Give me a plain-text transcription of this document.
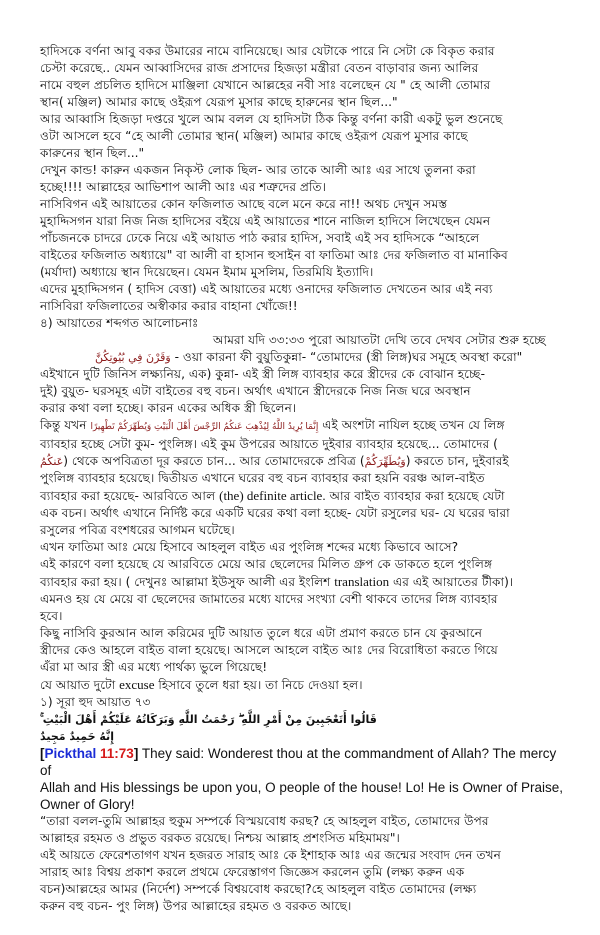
হাদিসকে বর্ণনা আবু বকর উমারের নামে বানিয়েছে। আর যেটাকে পারে নি সেটা কে বিকৃত করার
চেস্টা করেছে.. যেমন আব্বাসিদের রাজ প্রসাদের হিজড়া মন্ত্রীরা বেতন বাড়াবার জন্য আলির
নামে বহুল প্রচলিত হাদিসে মাঞ্জিলা যেখানে আল্লহের নবী সাঃ বলেছেন যে " হে আলী তোমার
স্থান( মঞ্জিল) আমার কাছে ওইরূপ যেরূপ মুসার কাছে হারুনের স্থান ছিল..."
আর আব্বাসি হিজড়া দপ্তরে খুলে আম বলল যে হাদিসটা ঠিক কিন্তু বর্ণনা কারী একটু ভুল শুনেছে
ওটা আসলে হবে “হে আলী তোমার স্থান( মঞ্জিল) আমার কাছে ওইরূপ যেরূপ মুসার কাছে
কারুনের স্থান ছিল..."
দেখুন কান্ড! কারুন একজন নিকৃস্ট লোক ছিল- আর তাকে আলী আঃ এর সাথে তুলনা করা
হচ্ছে!!!! আল্লাহের আভিশাপ আলী আঃ এর শত্রুদের প্রতি।
নাসিবিগন এই আয়াতের কোন ফজিলাত আছে বলে মনে করে না!! অথচ দেখুন সমস্ত
মুহাদ্দিসগন যারা নিজ নিজ হাদিসের বইয়ে এই আয়াতের শানে নাজিল হাদিসে লিখেছেন যেমন
পাঁচজনকে চাদরে ঢেকে নিয়ে এই আয়াত পাঠ করার হাদিস, সবাই এই সব হাদিসকে “আহলে
বাইতের ফজিলাত অধ্যায়ে" বা আলী বা হাসান হুসাইন বা ফাতিমা আঃ দের ফজিলাত বা মানাকিব
(মর্যাদা) অধ্যায়ে স্থান দিয়েছেন। যেমন ইমাম মুসলিম, তিরমিযি ইত্যাদি।
এদের মুহাদ্দিসগন ( হাদিস বেত্তা) এই আয়াতের মধ্যে ওনাদের ফজিলাত দেখতেন আর এই নব্য
নাসিবিরা ফজিলাতের অস্বীকার করার বাহানা খোঁজে!!
৪) আয়াতের শব্দগত আলোচনাঃ
আমরা যদি ৩৩:৩৩ পুরো আয়াতটা দেখি তবে দেখব সেটার শুরু হচ্ছে
وَقَرْنَ فِي بُيُوتِكُنَّ - ওয়া কারনা ফী বুয়ুতিকুন্না- “তোমাদের (স্ত্রী লিঙ্গ)ঘর সমূহে অবস্থা করো"
এইখানে দুটি জিনিস লক্ষ্যনিয়, এক) কুন্না- এই স্ত্রী লিঙ্গ ব্যাবহার করে স্ত্রীদের কে বোঝান হচ্ছে-
দুই) বুয়ুত- ঘরসমূহ এটা বাইতের বহু বচন। অর্থাৎ এখানে স্ত্রীদেরকে নিজ নিজ ঘরে অবস্থান
করার কথা বলা হচ্ছে। কারন একের অধিক স্ত্রী ছিলেন।
কিন্তু যখন إِنَّمَا يُرِيدُ اللَّهُ لِيُذْهِبَ عَنكُمُ الرِّجْسَ أَهْلَ الْبَيْتِ وَيُطَهِّرَكُمْ تَطْهِيرًا এই অংশটা নাযিল হচ্ছে তখন যে লিঙ্গ
ব্যাবহার হচ্ছে সেটা কুম- পুংলিঙ্গ। এই কুম উপরের আয়াতে দুইবার ব্যাবহার হয়েছে... তোমাদের (
عَنكُمُ) থেকে অপবিত্রতা দূর করতে চান... আর তোমাদেরকে প্রবিত্র (وَيُطَهِّرَكُمْ) করতে চান, দুইবারই
পুংলিঙ্গ ব্যাবহার হয়েছে। দ্বিতীয়ত এখানে ঘরের বহু বচন ব্যাবহার করা হয়নি বরঞ্চ আল-বাইত
ব্যাবহার করা হয়েছে- আরবিতে আল (the) definite article. আর বাইত ব্যাবহার করা হয়েছে যেটা
এক বচন। অর্থাৎ এখানে নির্দিষ্ট করে একটি ঘরের কথা বলা হচ্ছে- যেটা রসুলের ঘর- যে ঘরের দ্বারা
রসুলের পবিত্র বংশধরের আগমন ঘটেছে।
এখন ফাতিমা আঃ মেয়ে হিসাবে আহলুল বাইত এর পুংলিঙ্গ শব্দের মধ্যে কিভাবে আসে?
এই কারণে বলা হয়েছে যে আরবিতে মেয়ে আর ছেলেদের মিলিত গ্রুপ কে ডাকতে হলে পুংলিঙ্গ
ব্যাবহার করা হয়। ( দেখুনঃ আল্লামা ইউসুফ আলী এর ইংলিশ translation এর এই আয়াতের টীকা)।
এমনও হয় যে মেয়ে বা ছেলেদের জামাতের মধ্যে যাদের সংখ্যা বেশী থাকবে তাদের লিঙ্গ ব্যাবহার
হবে।
কিছু নাসিবি কুরআন আল করিমের দুটি আয়াত তুলে ধরে এটা প্রমাণ করতে চান যে কুরআনে
স্ত্রীদের কেও আহলে বাইত বালা হয়েছে। আসলে আহলে বাইত আঃ দের বিরোধিতা করতে গিয়ে
এঁরা মা আর স্ত্রী এর মধ্যে পার্থক্য ভুলে গিয়েছে!
যে আয়াত দুটো excuse হিসাবে তুলে ধরা হয়। তা নিচে দেওয়া হল।
১) সূরা হুদ আয়াত ৭৩
قَالُوا أَتَعْجَبِينَ مِنْ أَمْرِ اللَّهِ ۖ رَحْمَتُ اللَّهِ وَبَرَكَاتُهُ عَلَيْكُمْ أَهْلَ الْبَيْتِ ۚ إِنَّهُ حَمِيدٌ مَجِيدٌ
[Pickthal 11:73] They said: Wonderest thou at the commandment of Allah? The mercy of
Allah and His blessings be upon you, O people of the house! Lo! He is Owner of Praise,
Owner of Glory!
“তারা বলল-তুমি আল্লাহর হুকুম সম্পর্কে বিস্ময়বোধ করছ? হে আহলুল বাইত, তোমাদের উপর
আল্লাহর রহমত ও প্রভুত বরকত রয়েছে। নিশ্চয় আল্লাহ প্রশংসিত মহিমাময়"।
এই আয়তে ফেরেশতাগণ যখন হজরত সারাহ আঃ কে ইশাহাক আঃ এর জন্মের সংবাদ দেন তখন
সারাহ আঃ বিশ্বয় প্রকাশ করলে প্রথমে ফেরেস্তাগণ জিজ্ঞেস করলেন তুমি (লক্ষ্য করুন এক
বচন)আল্লহের আমর (নির্দেশ) সম্পর্কে বিশ্বয়বোধ করছো?হে আহলুল বাইত তোমাদের (লক্ষ্য
করুন বহু বচন- পুং লিঙ্গ) উপর আল্লাহের রহমত ও বরকত আছে।
